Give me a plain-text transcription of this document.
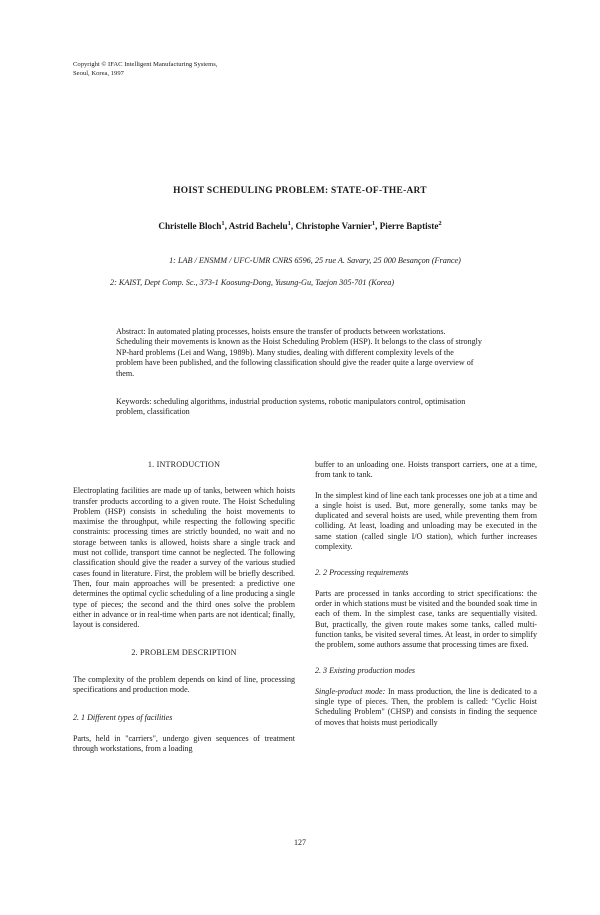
Copyright © IFAC Intelligent Manufacturing Systems,
Seoul, Korea, 1997
HOIST SCHEDULING PROBLEM: STATE-OF-THE-ART
Christelle Bloch$^1$, Astrid Bachelu$^1$, Christophe Varnier$^1$, Pierre Baptiste$^2$

1: LAB / ENSMM / UFC-UMR CNRS 6596, 25 rue A. Savary, 25 000 Besançon (France)

2: KAIST, Dept Comp. Sc., 373-1 Koosung-Dong, Yusung-Gu, Taejon 305-701 (Korea)

Abstract: In automated plating processes, hoists ensure the transfer of products between workstations. Scheduling their movements is known as the Hoist Scheduling Problem (HSP). It belongs to the class of strongly NP-hard problems (Lei and Wang, 1989b). Many studies, dealing with different complexity levels of the problem have been published, and the following classification should give the reader quite a large overview of them.

Keywords: scheduling algorithms, industrial production systems, robotic manipulators control, optimisation problem, classification

1. INTRODUCTION

Electroplating facilities are made up of tanks, between which hoists transfer products according to a given route. The Hoist Scheduling Problem (HSP) consists in scheduling the hoist movements to maximise the throughput, while respecting the following specific constraints: processing times are strictly bounded, no wait and no storage between tanks is allowed, hoists share a single track and must not collide, transport time cannot be neglected. The following classification should give the reader a survey of the various studied cases found in literature. First, the problem will be briefly described. Then, four main approaches will be presented: a predictive one determines the optimal cyclic scheduling of a line producing a single type of pieces; the second and the third ones solve the problem either in advance or in real-time when parts are not identical; finally, layout is considered.

2. PROBLEM DESCRIPTION

The complexity of the problem depends on kind of line, processing specifications and production mode.

2. 1 Different types of facilities

Parts, held in "carriers", undergo given sequences of treatment through workstations, from a loading

buffer to an unloading one. Hoists transport carriers, one at a time, from tank to tank.

In the simplest kind of line each tank processes one job at a time and a single hoist is used. But, more generally, some tanks may be duplicated and several hoists are used, while preventing them from colliding. At least, loading and unloading may be executed in the same station (called single I/O station), which further increases complexity.

2. 2 Processing requirements

Parts are processed in tanks according to strict specifications: the order in which stations must be visited and the bounded soak time in each of them. In the simplest case, tanks are sequentially visited. But, practically, the given route makes some tanks, called multi-function tanks, be visited several times. At least, in order to simplify the problem, some authors assume that processing times are fixed.

2. 3 Existing production modes

Single-product mode: In mass production, the line is dedicated to a single type of pieces. Then, the problem is called: "Cyclic Hoist Scheduling Problem" (CHSP) and consists in finding the sequence of moves that hoists must periodically

127
